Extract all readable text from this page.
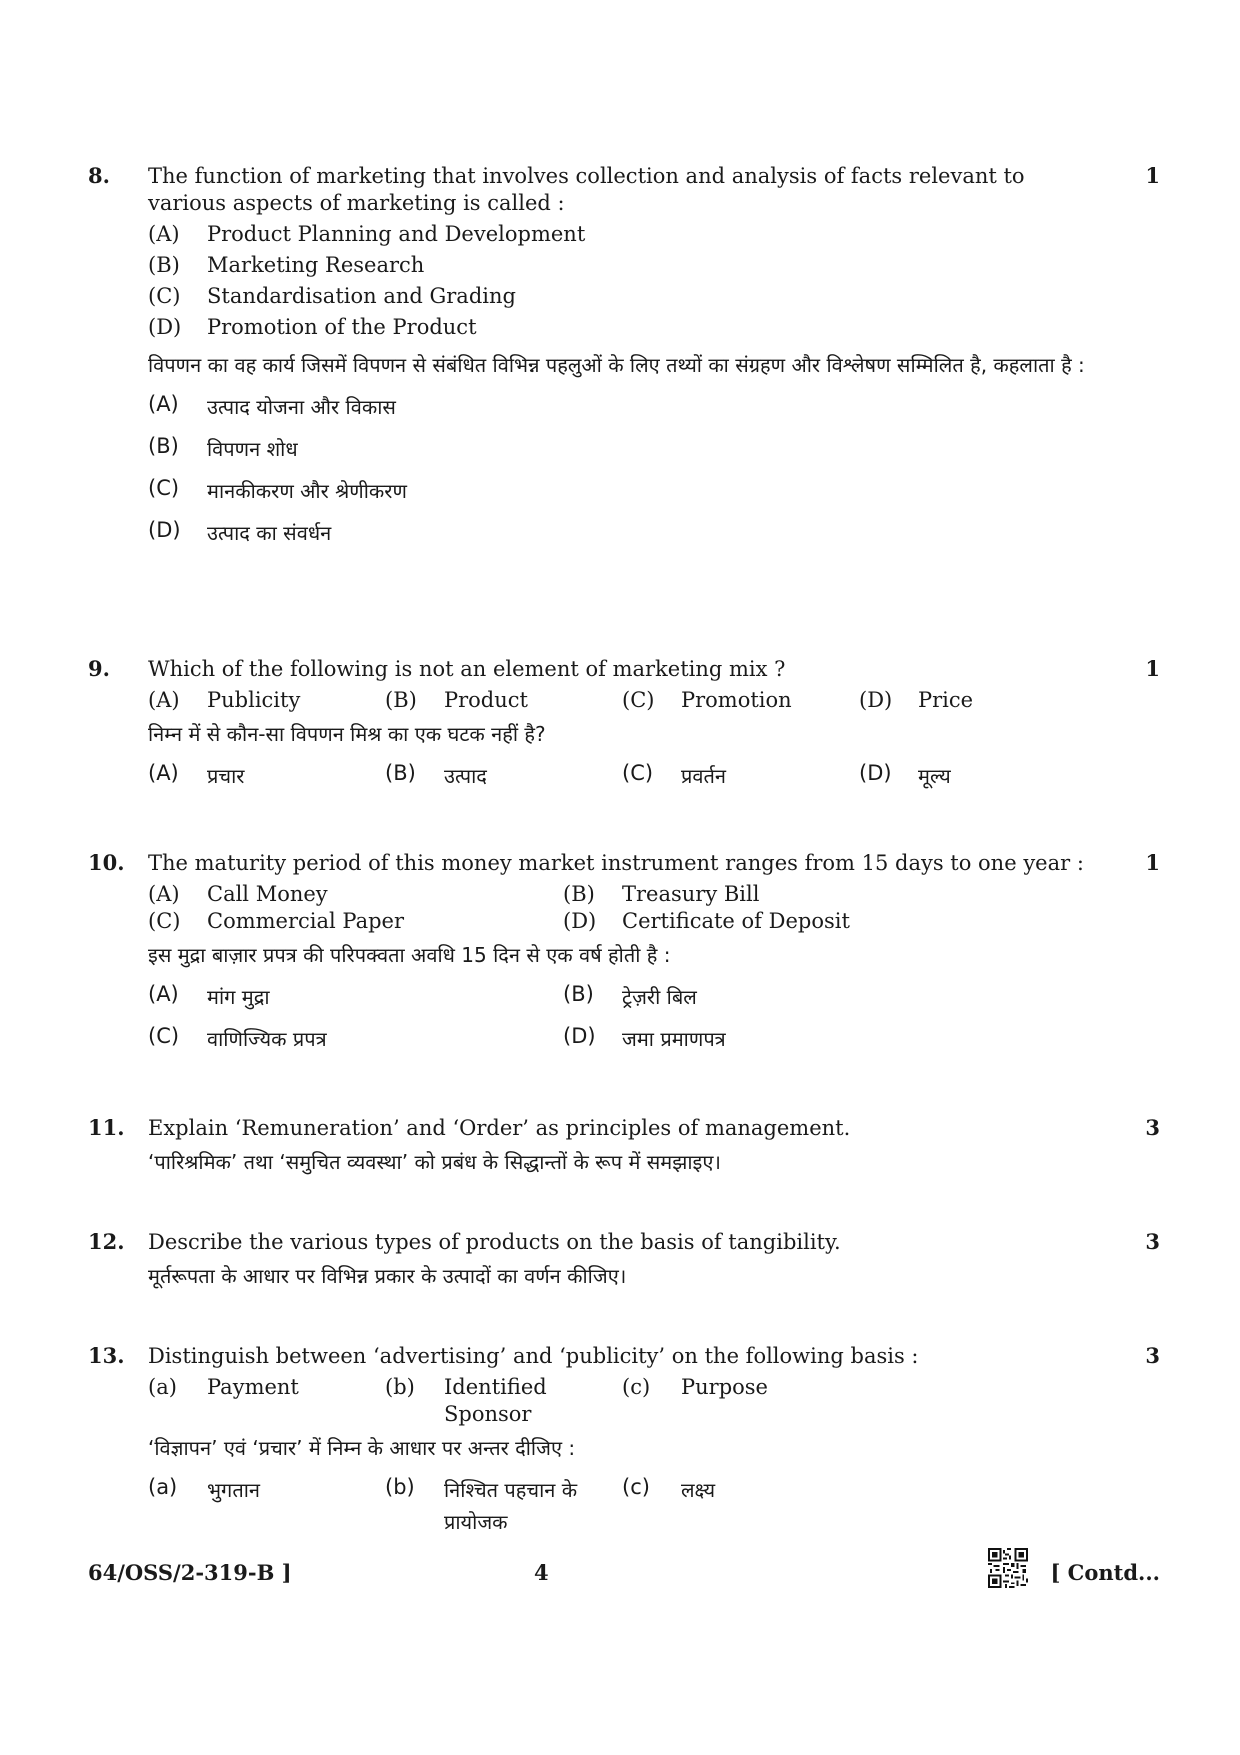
8.	1
The function of marketing that involves collection and analysis of facts relevant to various aspects of marketing is called :
(A)	Product Planning and Development
(B)	Marketing Research
(C)	Standardisation and Grading
(D)	Promotion of the Product
विपणन का वह कार्य जिसमें विपणन से संबंधित विभिन्न पहलुओं के लिए तथ्यों का संग्रहण और विश्लेषण सम्मिलित है, कहलाता है :
(A)	उत्पाद योजना और विकास
(B)	विपणन शोध
(C)	मानकीकरण और श्रेणीकरण
(D)	उत्पाद का संवर्धन
9.	1
Which of the following is not an element of marketing mix ?
(A)	Publicity	(B)	Product	(C)	Promotion	(D)	Price
निम्न में से कौन-सा विपणन मिश्र का एक घटक नहीं है?
(A)	प्रचार	(B)	उत्पाद	(C)	प्रवर्तन	(D)	मूल्य
10.	1
The maturity period of this money market instrument ranges from 15 days to one year :
(A)	Call Money	(B)	Treasury Bill
(C)	Commercial Paper	(D)	Certificate of Deposit
इस मुद्रा बाज़ार प्रपत्र की परिपक्वता अवधि 15 दिन से एक वर्ष होती है :
(A)	मांग मुद्रा	(B)	ट्रेज़री बिल
(C)	वाणिज्यिक प्रपत्र	(D)	जमा प्रमाणपत्र
11.	3
Explain ‘Remuneration’ and ‘Order’ as principles of management.
‘पारिश्रमिक’ तथा ‘समुचित व्यवस्था’ को प्रबंध के सिद्धान्तों के रूप में समझाइए।
12.	3
Describe the various types of products on the basis of tangibility.
मूर्तरूपता के आधार पर विभिन्न प्रकार के उत्पादों का वर्णन कीजिए।
13.	3
Distinguish between ‘advertising’ and ‘publicity’ on the following basis :
(a)	Payment	(b)	Identified Sponsor
(c)	Purpose
‘विज्ञापन’ एवं ‘प्रचार’ में निम्न के आधार पर अन्तर दीजिए :
(a)	भुगतान	(b)	निश्चित पहचान के प्रायोजक
(c)	लक्ष्य
64/OSS/2-319-B ]	4	[ Contd...
